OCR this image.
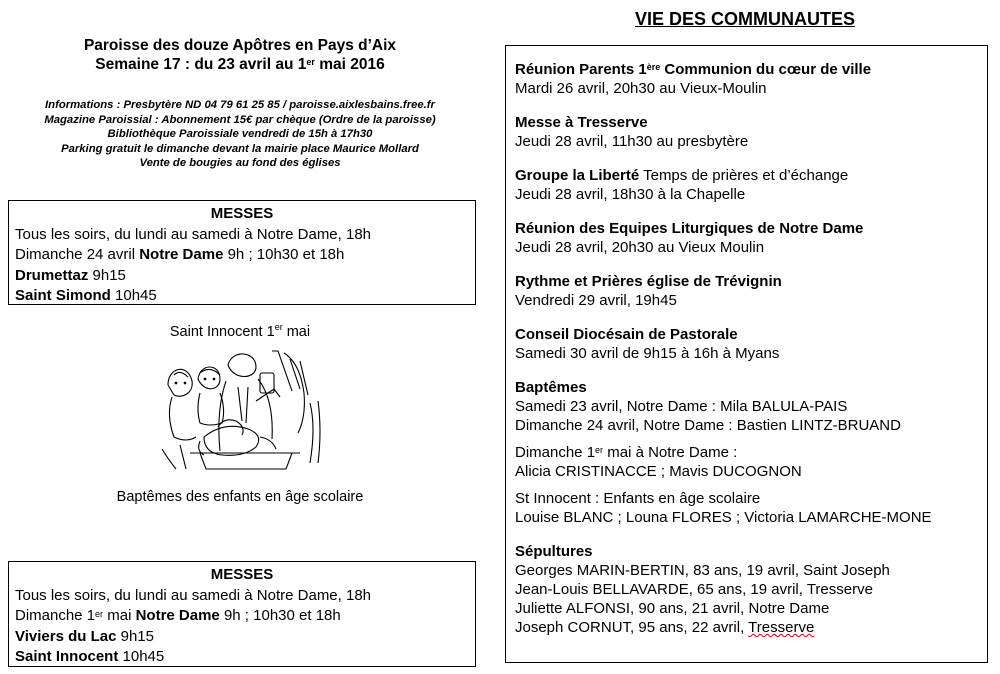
Paroisse des douze Apôtres en Pays d’Aix
Semaine 17 : du 23 avril au 1er mai 2016
Informations : Presbytère ND 04 79 61 25 85 / paroisse.aixlesbains.free.fr
Magazine Paroissial : Abonnement 15€ par chèque (Ordre de la paroisse)
Bibliothèque Paroissiale vendredi de 15h à 17h30
Parking gratuit le dimanche devant la mairie place Maurice Mollard
Vente de bougies au fond des églises
MESSES
Tous les soirs, du lundi au samedi à Notre Dame, 18h
Dimanche 24 avril Notre Dame 9h ; 10h30 et 18h
Drumettaz 9h15
Saint Simond 10h45
Saint Innocent 1er mai
Baptêmes des enfants en âge scolaire
MESSES
Tous les soirs, du lundi au samedi à Notre Dame, 18h
Dimanche 1er mai Notre Dame 9h ; 10h30 et 18h
Viviers du Lac 9h15
Saint Innocent 10h45
VIE DES COMMUNAUTES
Réunion Parents 1ère Communion du cœur de ville
Mardi 26 avril, 20h30 au Vieux-Moulin
Messe à Tresserve
Jeudi 28 avril, 11h30 au presbytère
Groupe la Liberté Temps de prières et d’échange
Jeudi 28 avril, 18h30 à la Chapelle
Réunion des Equipes Liturgiques de Notre Dame
Jeudi 28 avril, 20h30 au Vieux Moulin
Rythme et Prières église de Trévignin
Vendredi 29 avril, 19h45
Conseil Diocésain de Pastorale
Samedi 30 avril de 9h15 à 16h à Myans
Baptêmes
Samedi 23 avril, Notre Dame : Mila BALULA-PAIS
Dimanche 24 avril, Notre Dame : Bastien LINTZ-BRUAND
Dimanche 1er mai à Notre Dame :
Alicia CRISTINACCE ; Mavis DUCOGNON
St Innocent : Enfants en âge scolaire
Louise BLANC ; Louna FLORES ; Victoria LAMARCHE-MONE
Sépultures
Georges MARIN-BERTIN, 83 ans, 19 avril, Saint Joseph
Jean-Louis BELLAVARDE, 65 ans, 19 avril, Tresserve
Juliette ALFONSI, 90 ans, 21 avril, Notre Dame
Joseph CORNUT, 95 ans, 22 avril, Tresserve
